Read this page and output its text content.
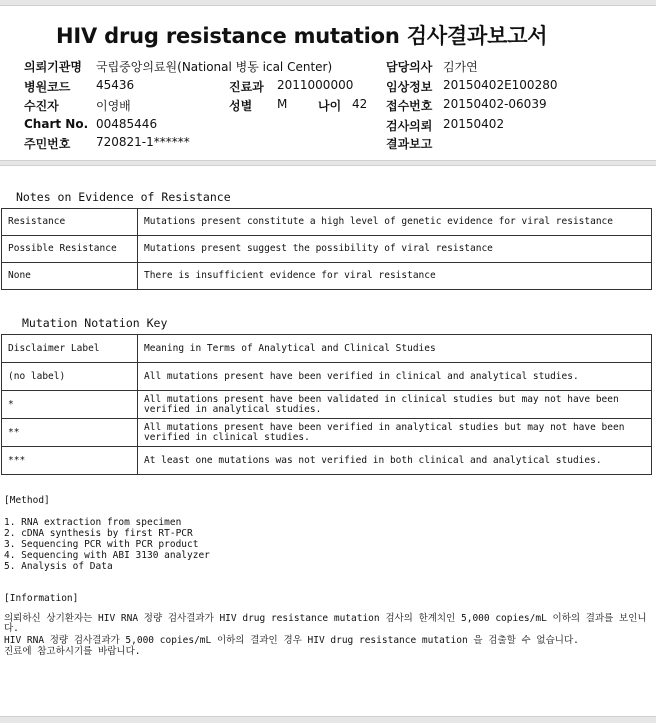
HIV drug resistance mutation 검사결과보고서
의뢰기관명 국립중앙의료원(National 병동 ical Center)
병원코드 45436
수진자	이영배
Chart No. 00485446
주민번호 720821-1******
진료과 2011000000
성별 M	나이 42
담당의사 김가연
임상정보 20150402E100280
접수번호 20150402-06039
검사의뢰 20150402
결과보고
Notes on Evidence of Resistance
Resistance	Mutations present constitute a high level of genetic evidence for viral resistance
Possible Resistance	Mutations present suggest the possibility of viral resistance
None	There is insufficient evidence for viral resistance
Mutation Notation Key
Disclaimer Label	Meaning in Terms of Analytical and Clinical Studies
(no label)	All mutations present have been verified in clinical and analytical studies.
*	All mutations present have been validated in clinical studies but may not have been verified in analytical studies.
**	All mutations present have been verified in analytical studies but may not have been verified in clinical studies.
***	At least one mutations was not verified in both clinical and analytical studies.
[Method]
1. RNA extraction from specimen
2. cDNA synthesis by first RT-PCR
3. Sequencing PCR with PCR product
4. Sequencing with ABI 3130 analyzer
5. Analysis of Data
[Information]
의뢰하신 상기환자는 HIV RNA 정량 검사결과가 HIV drug resistance mutation 검사의 한계치인 5,000 copies/mL 이하의 결과를 보인니다.
HIV RNA 정량 검사결과가 5,000 copies/mL 이하의 결과인 경우 HIV drug resistance mutation 을 검출할 수 없습니다.
진료에 참고하시기를 바랍니다.
